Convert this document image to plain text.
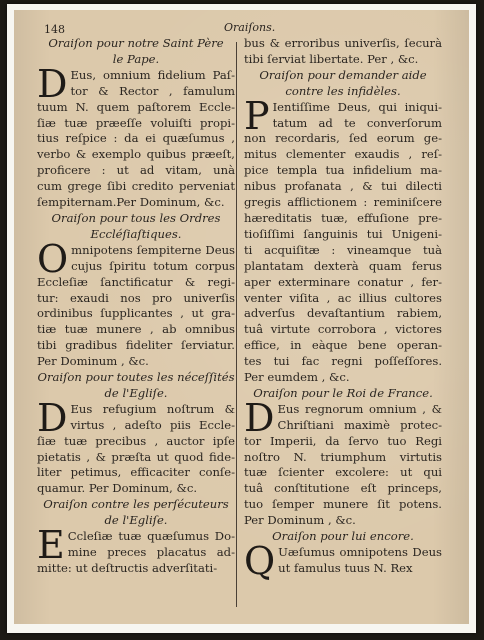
148	Oraiſons.
Oraiſon pour notre Saint Père
le Pape.
D Eus, omnium fidelium Paſ-
tor & Rector , famulum
tuum N. quem paſtorem Eccle-
ſiæ tuæ præeſſe voluiſti propi-
tius reſpice : da ei quæſumus ,
verbo & exemplo quibus præeſt,
proficere : ut ad vitam, unà
cum grege ſibi credito perveniat
ſempiternam.Per Dominum, &c.
Oraiſon pour tous les Ordres
Eccléſiaſtiques.
O mnipotens ſempiterne Deus
cujus ſpiritu totum corpus
Eccleſiæ ſanctificatur & regi-
tur: exaudi nos pro univerſis
ordinibus ſupplicantes , ut gra-
tiæ tuæ munere , ab omnibus
tibi gradibus fideliter ſerviatur.
Per Dominum , &c.
Oraiſon pour toutes les néceſſités
de l'Egliſe.
D Eus refugium noſtrum &
virtus , adeſto piis Eccle-
ſiæ tuæ precibus , auctor ipſe
pietatis , & præſta ut quod fide-
liter petimus, efficaciter conſe-
quamur. Per Dominum, &c.
Oraiſon contre les perſécuteurs
de l'Egliſe.
E Ccleſiæ tuæ quæſumus Do-
mine preces placatus ad-
mitte: ut deſtructis adverſitati-
bus & erroribus univerſis, ſecurà
tibi ſerviat libertate. Per , &c.
Oraiſon pour demander aide
contre les infidèles.
P Ientiſſime Deus, qui iniqui-
tatum ad te converſorum
non recordaris, ſed eorum ge-
mitus clementer exaudis , reſ-
pice templa tua infidelium ma-
nibus profanata , & tui dilecti
gregis afflictionem : reminiſcere
hæreditatis tuæ, effuſione pre-
tioſiſſimi ſanguinis tui Unigeni-
ti acquiſitæ : vineamque tuà
plantatam dexterà quam ferus
aper exterminare conatur , fer-
venter viſita , ac illius cultores
adverſus devaſtantium rabiem,
tuâ virtute corrobora , victores
effice, in eàque bene operan-
tes tui fac regni poſſeſſores.
Per eumdem , &c.
Oraiſon pour le Roi de France.
D Eus regnorum omnium , &
Chriſtiani maximè protec-
tor Imperii, da ſervo tuo Regi
noſtro N. triumphum virtutis
tuæ ſcienter excolere: ut qui
tuâ conſtitutione eſt princeps,
tuo ſemper munere ſit potens.
Per Dominum , &c.
Oraiſon pour lui encore.
Q Uæſumus omnipotens Deus
ut famulus tuus N. Rex
